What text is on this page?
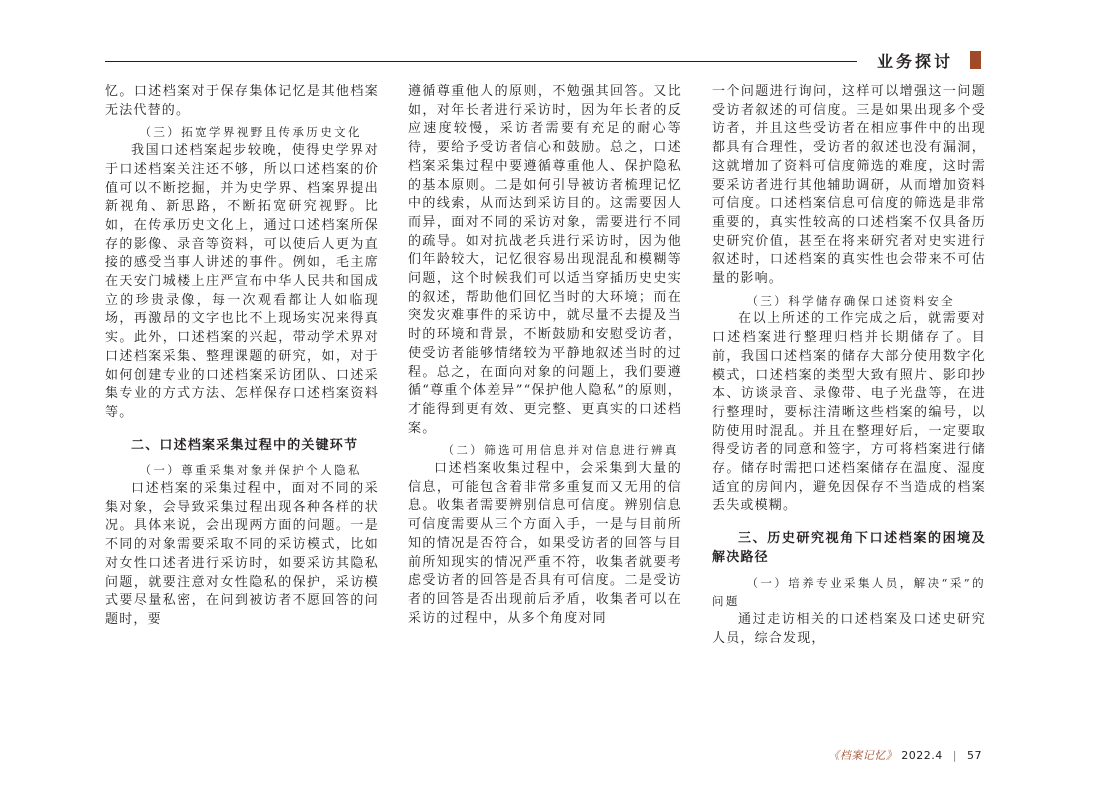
业务探讨

忆。口述档案对于保存集体记忆是其他档案无法代替的。

（三）拓宽学界视野且传承历史文化

我国口述档案起步较晚，使得史学界对于口述档案关注还不够，所以口述档案的价值可以不断挖掘，并为史学界、档案界提出新视角、新思路，不断拓宽研究视野。比如，在传承历史文化上，通过口述档案所保存的影像、录音等资料，可以使后人更为直接的感受当事人讲述的事件。例如，毛主席在天安门城楼上庄严宣布中华人民共和国成立的珍贵录像，每一次观看都让人如临现场，再激昂的文字也比不上现场实况来得真实。此外，口述档案的兴起，带动学术界对口述档案采集、整理课题的研究，如，对于如何创建专业的口述档案采访团队、口述采集专业的方式方法、怎样保存口述档案资料等。

二、口述档案采集过程中的关键环节

（一）尊重采集对象并保护个人隐私

口述档案的采集过程中，面对不同的采集对象，会导致采集过程出现各种各样的状况。具体来说，会出现两方面的问题。一是不同的对象需要采取不同的采访模式，比如对女性口述者进行采访时，如要采访其隐私问题，就要注意对女性隐私的保护，采访模式要尽量私密，在问到被访者不愿回答的问题时，要

遵循尊重他人的原则，不勉强其回答。又比如，对年长者进行采访时，因为年长者的反应速度较慢，采访者需要有充足的耐心等待，要给予受访者信心和鼓励。总之，口述档案采集过程中要遵循尊重他人、保护隐私的基本原则。二是如何引导被访者梳理记忆中的线索，从而达到采访目的。这需要因人而异，面对不同的采访对象，需要进行不同的疏导。如对抗战老兵进行采访时，因为他们年龄较大，记忆很容易出现混乱和模糊等问题，这个时候我们可以适当穿插历史史实的叙述，帮助他们回忆当时的大环境；而在突发灾难事件的采访中，就尽量不去提及当时的环境和背景，不断鼓励和安慰受访者，使受访者能够情绪较为平静地叙述当时的过程。总之，在面向对象的问题上，我们要遵循“尊重个体差异”“保护他人隐私”的原则，才能得到更有效、更完整、更真实的口述档案。

（二）筛选可用信息并对信息进行辨真

口述档案收集过程中，会采集到大量的信息，可能包含着非常多重复而又无用的信息。收集者需要辨别信息可信度。辨别信息可信度需要从三个方面入手，一是与目前所知的情况是否符合，如果受访者的回答与目前所知现实的情况严重不符，收集者就要考虑受访者的回答是否具有可信度。二是受访者的回答是否出现前后矛盾，收集者可以在采访的过程中，从多个角度对同

一个问题进行询问，这样可以增强这一问题受访者叙述的可信度。三是如果出现多个受访者，并且这些受访者在相应事件中的出现都具有合理性，受访者的叙述也没有漏洞，这就增加了资料可信度筛选的难度，这时需要采访者进行其他辅助调研，从而增加资料可信度。口述档案信息可信度的筛选是非常重要的，真实性较高的口述档案不仅具备历史研究价值，甚至在将来研究者对史实进行叙述时，口述档案的真实性也会带来不可估量的影响。

（三）科学储存确保口述资料安全

在以上所述的工作完成之后，就需要对口述档案进行整理归档并长期储存了。目前，我国口述档案的储存大部分使用数字化模式，口述档案的类型大致有照片、影印抄本、访谈录音、录像带、电子光盘等，在进行整理时，要标注清晰这些档案的编号，以防使用时混乱。并且在整理好后，一定要取得受访者的同意和签字，方可将档案进行储存。储存时需把口述档案储存在温度、湿度适宜的房间内，避免因保存不当造成的档案丢失或模糊。

三、历史研究视角下口述档案的困境及解决路径

（一）培养专业采集人员，解决“采”的问题

通过走访相关的口述档案及口述史研究人员，综合发现，

《档案记忆》 2022.4 | 57
